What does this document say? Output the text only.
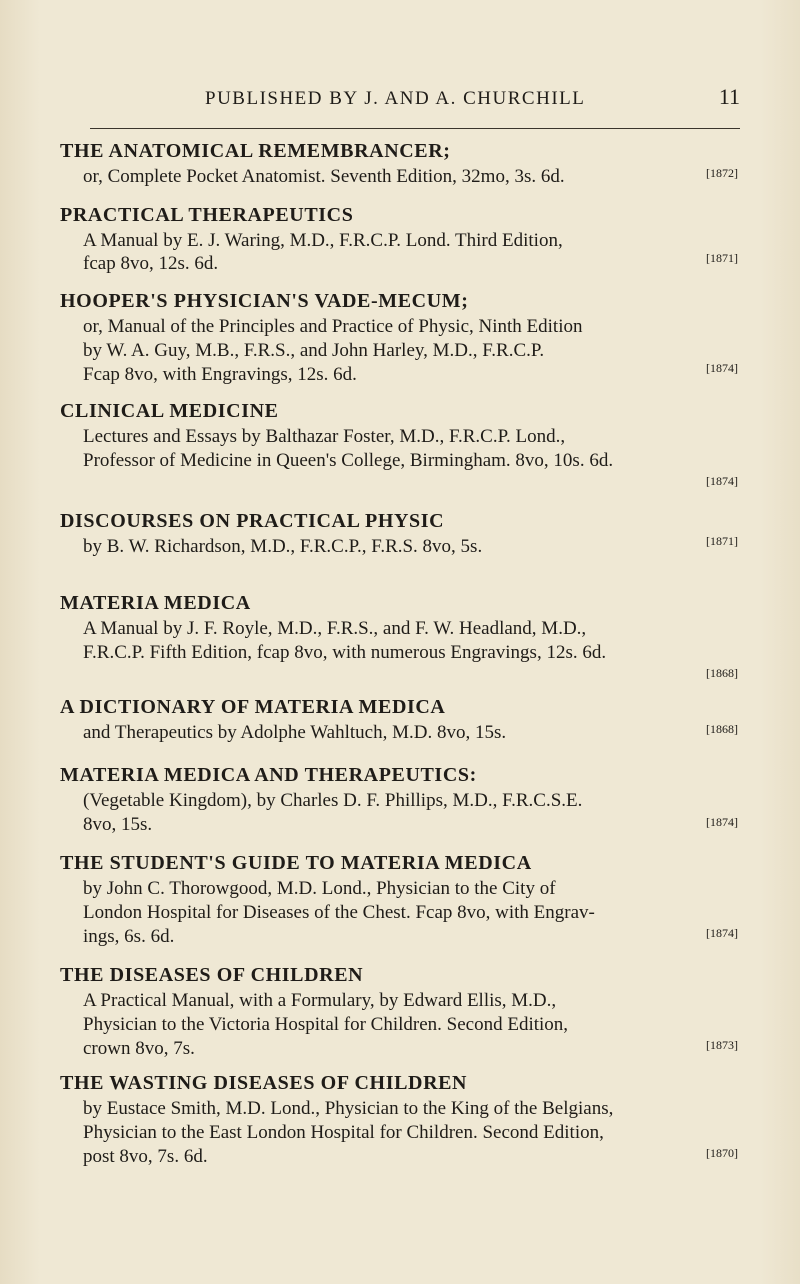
PUBLISHED BY J. AND A. CHURCHILL	11
THE ANATOMICAL REMEMBRANCER;
or, Complete Pocket Anatomist. Seventh Edition, 32mo, 3s. 6d.	[1872]
PRACTICAL THERAPEUTICS
A Manual by E. J. Waring, M.D., F.R.C.P. Lond. Third Edition,
fcap 8vo, 12s. 6d.	[1871]
HOOPER'S PHYSICIAN'S VADE-MECUM;
or, Manual of the Principles and Practice of Physic, Ninth Edition
by W. A. Guy, M.B., F.R.S., and John Harley, M.D., F.R.C.P.
Fcap 8vo, with Engravings, 12s. 6d.	[1874]
CLINICAL MEDICINE
Lectures and Essays by Balthazar Foster, M.D., F.R.C.P. Lond.,
Professor of Medicine in Queen's College, Birmingham. 8vo, 10s. 6d.
[1874]
DISCOURSES ON PRACTICAL PHYSIC
by B. W. Richardson, M.D., F.R.C.P., F.R.S. 8vo, 5s.	[1871]
MATERIA MEDICA
A Manual by J. F. Royle, M.D., F.R.S., and F. W. Headland, M.D.,
F.R.C.P. Fifth Edition, fcap 8vo, with numerous Engravings, 12s. 6d.
[1868]
A DICTIONARY OF MATERIA MEDICA
and Therapeutics by Adolphe Wahltuch, M.D. 8vo, 15s.	[1868]
MATERIA MEDICA AND THERAPEUTICS:
(Vegetable Kingdom), by Charles D. F. Phillips, M.D., F.R.C.S.E.
8vo, 15s.	[1874]
THE STUDENT'S GUIDE TO MATERIA MEDICA
by John C. Thorowgood, M.D. Lond., Physician to the City of
London Hospital for Diseases of the Chest. Fcap 8vo, with Engrav-
ings, 6s. 6d.	[1874]
THE DISEASES OF CHILDREN
A Practical Manual, with a Formulary, by Edward Ellis, M.D.,
Physician to the Victoria Hospital for Children. Second Edition,
crown 8vo, 7s.	[1873]
THE WASTING DISEASES OF CHILDREN
by Eustace Smith, M.D. Lond., Physician to the King of the Belgians,
Physician to the East London Hospital for Children. Second Edition,
post 8vo, 7s. 6d.	[1870]
